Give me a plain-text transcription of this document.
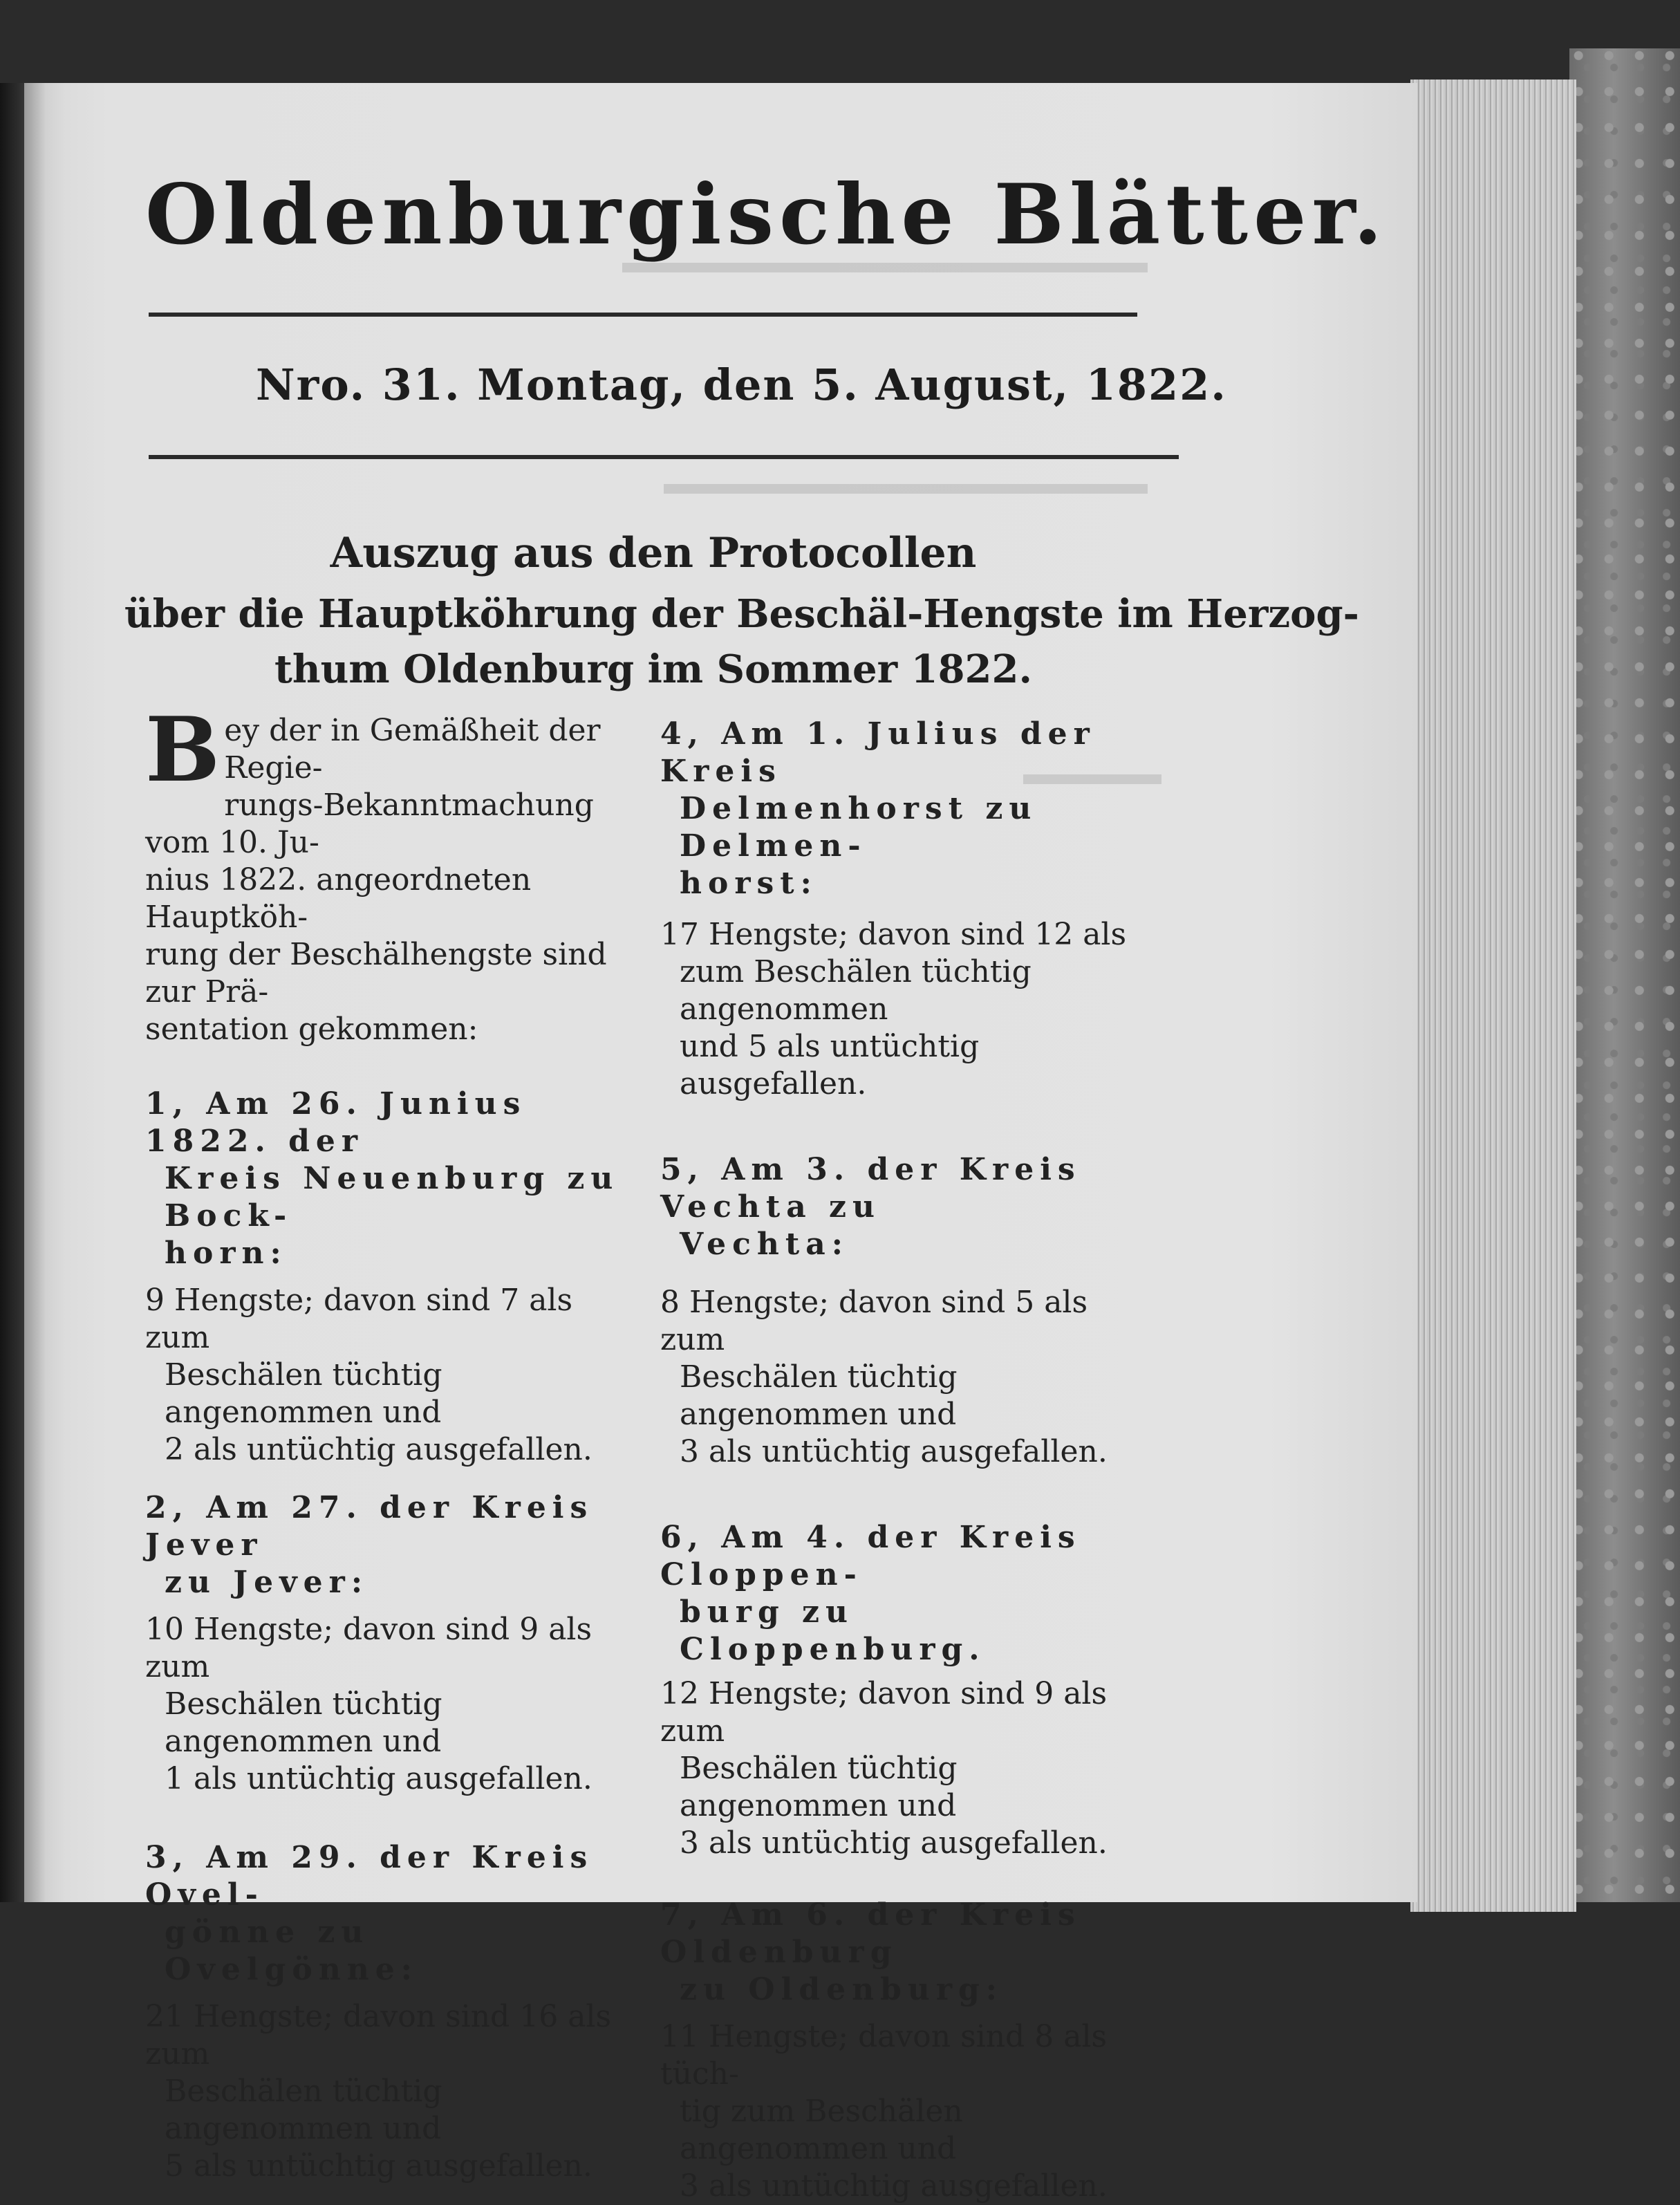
Oldenburgische Blätter.
Nro. 31. Montag, den 5. August, 1822.
Auszug aus den Protocollen
über die Hauptköhrung der Beschäl-Hengste im Herzog-
thum Oldenburg im Sommer 1822.
B ey der in Gemäßheit der Regie-

rungs-Bekanntmachung vom 10. Ju-

nius 1822. angeordneten Hauptköh-

rung der Beschälhengste sind zur Prä-

sentation gekommen:

1, Am 26. Junius 1822. der

Kreis Neuenburg zu Bock-

horn:

9 Hengste; davon sind 7 als zum

Beschälen tüchtig angenommen und

2 als untüchtig ausgefallen.

2, Am 27. der Kreis Jever

zu Jever:

10 Hengste; davon sind 9 als zum

Beschälen tüchtig angenommen und

1 als untüchtig ausgefallen.

3, Am 29. der Kreis Ovel-

gönne zu Ovelgönne:

21 Hengste; davon sind 16 als zum

Beschälen tüchtig angenommen und

5 als untüchtig ausgefallen.

4, Am 1. Julius der Kreis

Delmenhorst zu Delmen-

horst:

17 Hengste; davon sind 12 als

zum Beschälen tüchtig angenommen

und 5 als untüchtig ausgefallen.

5, Am 3. der Kreis Vechta zu

Vechta:

8 Hengste; davon sind 5 als zum

Beschälen tüchtig angenommen und

3 als untüchtig ausgefallen.

6, Am 4. der Kreis Cloppen-

burg zu Cloppenburg.

12 Hengste; davon sind 9 als zum

Beschälen tüchtig angenommen und

3 als untüchtig ausgefallen.

7, Am 6. der Kreis Oldenburg

zu Oldenburg:

11 Hengste; davon sind 8 als tüch-

tig zum Beschälen angenommen und

3 als untüchtig ausgefallen.
